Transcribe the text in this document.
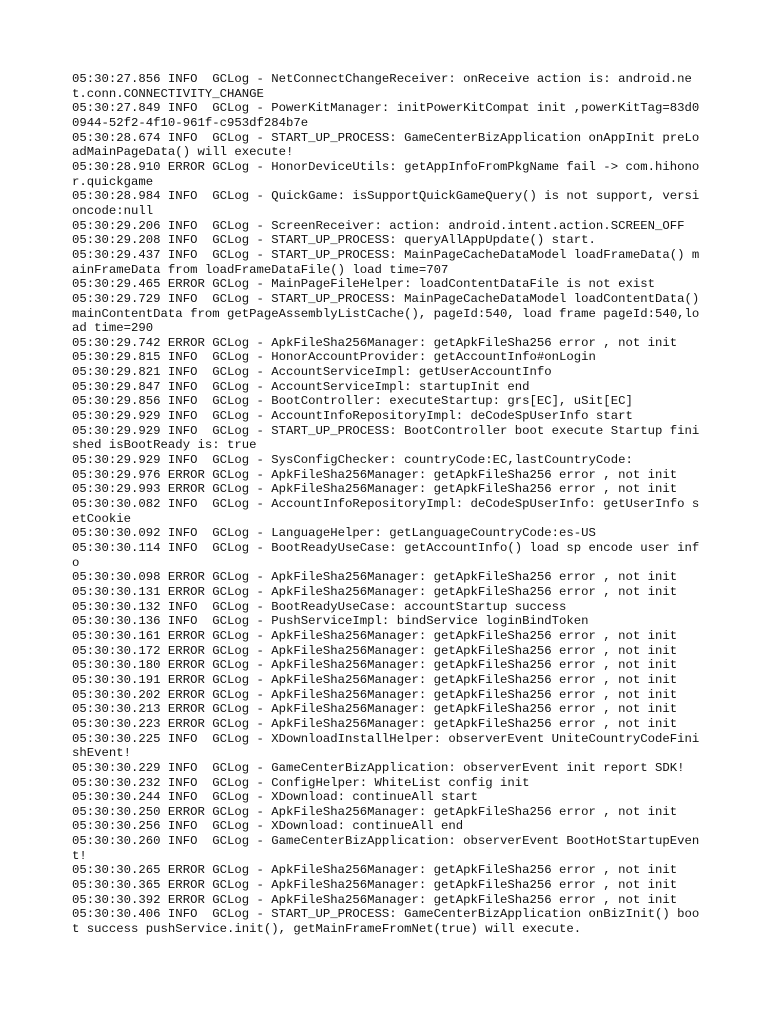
05:30:27.856 INFO  GCLog - NetConnectChangeReceiver: onReceive action is: android.net.conn.CONNECTIVITY_CHANGE
05:30:27.849 INFO  GCLog - PowerKitManager: initPowerKitCompat init ,powerKitTag=83d00944-52f2-4f10-961f-c953df284b7e
05:30:28.674 INFO  GCLog - START_UP_PROCESS: GameCenterBizApplication onAppInit preLoadMainPageData() will execute!
05:30:28.910 ERROR GCLog - HonorDeviceUtils: getAppInfoFromPkgName fail -> com.hihonor.quickgame
05:30:28.984 INFO  GCLog - QuickGame: isSupportQuickGameQuery() is not support, versioncode:null
05:30:29.206 INFO  GCLog - ScreenReceiver: action: android.intent.action.SCREEN_OFF
05:30:29.208 INFO  GCLog - START_UP_PROCESS: queryAllAppUpdate() start.
05:30:29.437 INFO  GCLog - START_UP_PROCESS: MainPageCacheDataModel loadFrameData() mainFrameData from loadFrameDataFile() load time=707
05:30:29.465 ERROR GCLog - MainPageFileHelper: loadContentDataFile is not exist
05:30:29.729 INFO  GCLog - START_UP_PROCESS: MainPageCacheDataModel loadContentData() mainContentData from getPageAssemblyListCache(), pageId:540, load frame pageId:540,load time=290
05:30:29.742 ERROR GCLog - ApkFileSha256Manager: getApkFileSha256 error , not init
05:30:29.815 INFO  GCLog - HonorAccountProvider: getAccountInfo#onLogin
05:30:29.821 INFO  GCLog - AccountServiceImpl: getUserAccountInfo
05:30:29.847 INFO  GCLog - AccountServiceImpl: startupInit end
05:30:29.856 INFO  GCLog - BootController: executeStartup: grs[EC], uSit[EC]
05:30:29.929 INFO  GCLog - AccountInfoRepositoryImpl: deCodeSpUserInfo start
05:30:29.929 INFO  GCLog - START_UP_PROCESS: BootController boot execute Startup finished isBootReady is: true
05:30:29.929 INFO  GCLog - SysConfigChecker: countryCode:EC,lastCountryCode:
05:30:29.976 ERROR GCLog - ApkFileSha256Manager: getApkFileSha256 error , not init
05:30:29.993 ERROR GCLog - ApkFileSha256Manager: getApkFileSha256 error , not init
05:30:30.082 INFO  GCLog - AccountInfoRepositoryImpl: deCodeSpUserInfo: getUserInfo setCookie
05:30:30.092 INFO  GCLog - LanguageHelper: getLanguageCountryCode:es-US
05:30:30.114 INFO  GCLog - BootReadyUseCase: getAccountInfo() load sp encode user info
05:30:30.098 ERROR GCLog - ApkFileSha256Manager: getApkFileSha256 error , not init
05:30:30.131 ERROR GCLog - ApkFileSha256Manager: getApkFileSha256 error , not init
05:30:30.132 INFO  GCLog - BootReadyUseCase: accountStartup success
05:30:30.136 INFO  GCLog - PushServiceImpl: bindService loginBindToken
05:30:30.161 ERROR GCLog - ApkFileSha256Manager: getApkFileSha256 error , not init
05:30:30.172 ERROR GCLog - ApkFileSha256Manager: getApkFileSha256 error , not init
05:30:30.180 ERROR GCLog - ApkFileSha256Manager: getApkFileSha256 error , not init
05:30:30.191 ERROR GCLog - ApkFileSha256Manager: getApkFileSha256 error , not init
05:30:30.202 ERROR GCLog - ApkFileSha256Manager: getApkFileSha256 error , not init
05:30:30.213 ERROR GCLog - ApkFileSha256Manager: getApkFileSha256 error , not init
05:30:30.223 ERROR GCLog - ApkFileSha256Manager: getApkFileSha256 error , not init
05:30:30.225 INFO  GCLog - XDownloadInstallHelper: observerEvent UniteCountryCodeFinishEvent!
05:30:30.229 INFO  GCLog - GameCenterBizApplication: observerEvent init report SDK!
05:30:30.232 INFO  GCLog - ConfigHelper: WhiteList config init
05:30:30.244 INFO  GCLog - XDownload: continueAll start
05:30:30.250 ERROR GCLog - ApkFileSha256Manager: getApkFileSha256 error , not init
05:30:30.256 INFO  GCLog - XDownload: continueAll end
05:30:30.260 INFO  GCLog - GameCenterBizApplication: observerEvent BootHotStartupEvent!
05:30:30.265 ERROR GCLog - ApkFileSha256Manager: getApkFileSha256 error , not init
05:30:30.365 ERROR GCLog - ApkFileSha256Manager: getApkFileSha256 error , not init
05:30:30.392 ERROR GCLog - ApkFileSha256Manager: getApkFileSha256 error , not init
05:30:30.406 INFO  GCLog - START_UP_PROCESS: GameCenterBizApplication onBizInit() boot success pushService.init(), getMainFrameFromNet(true) will execute.
